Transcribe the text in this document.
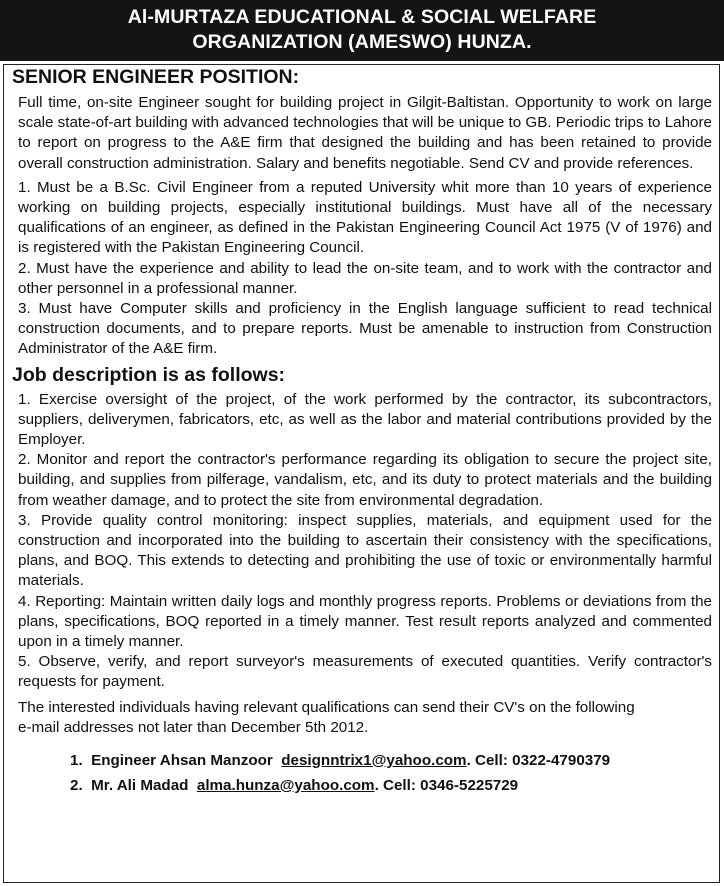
Al-MURTAZA EDUCATIONAL & SOCIAL WELFARE
ORGANIZATION (AMESWO) HUNZA.
SENIOR ENGINEER POSITION:

Full time, on-site Engineer sought for building project in Gilgit-Baltistan. Opportunity to work on large scale state-of-art building with advanced technologies that will be unique to GB. Periodic trips to Lahore to report on progress to the A&E firm that designed the building and has been retained to provide overall construction administration. Salary and benefits negotiable. Send CV and provide references.

1. Must be a B.Sc. Civil Engineer from a reputed University whit more than 10 years of experience working on building projects, especially institutional buildings. Must have all of the necessary qualifications of an engineer, as defined in the Pakistan Engineering Council Act 1975 (V of 1976) and is registered with the Pakistan Engineering Council.

2. Must have the experience and ability to lead the on-site team, and to work with the contractor and other personnel in a professional manner.

3. Must have Computer skills and proficiency in the English language sufficient to read technical construction documents, and to prepare reports. Must be amenable to instruction from Construction Administrator of the A&E firm.

Job description is as follows:

1. Exercise oversight of the project, of the work performed by the contractor, its subcontractors, suppliers, deliverymen, fabricators, etc, as well as the labor and material contributions provided by the Employer.

2. Monitor and report the contractor's performance regarding its obligation to secure the project site, building, and supplies from pilferage, vandalism, etc, and its duty to protect materials and the building from weather damage, and to protect the site from environmental degradation.

3. Provide quality control monitoring: inspect supplies, materials, and equipment used for the construction and incorporated into the building to ascertain their consistency with the specifications, plans, and BOQ. This extends to detecting and prohibiting the use of toxic or environmentally harmful materials.

4. Reporting: Maintain written daily logs and monthly progress reports. Problems or deviations from the plans, specifications, BOQ reported in a timely manner. Test result reports analyzed and commented upon in a timely manner.

5. Observe, verify, and report surveyor's measurements of executed quantities. Verify contractor's requests for payment.

The interested individuals having relevant qualifications can send their CV's on the following
e-mail addresses not later than December 5th 2012.
1.  Engineer Ahsan Manzoor  designntrix1@yahoo.com. Cell: 0322-4790379
2.  Mr. Ali Madad  alma.hunza@yahoo.com. Cell: 0346-5225729
